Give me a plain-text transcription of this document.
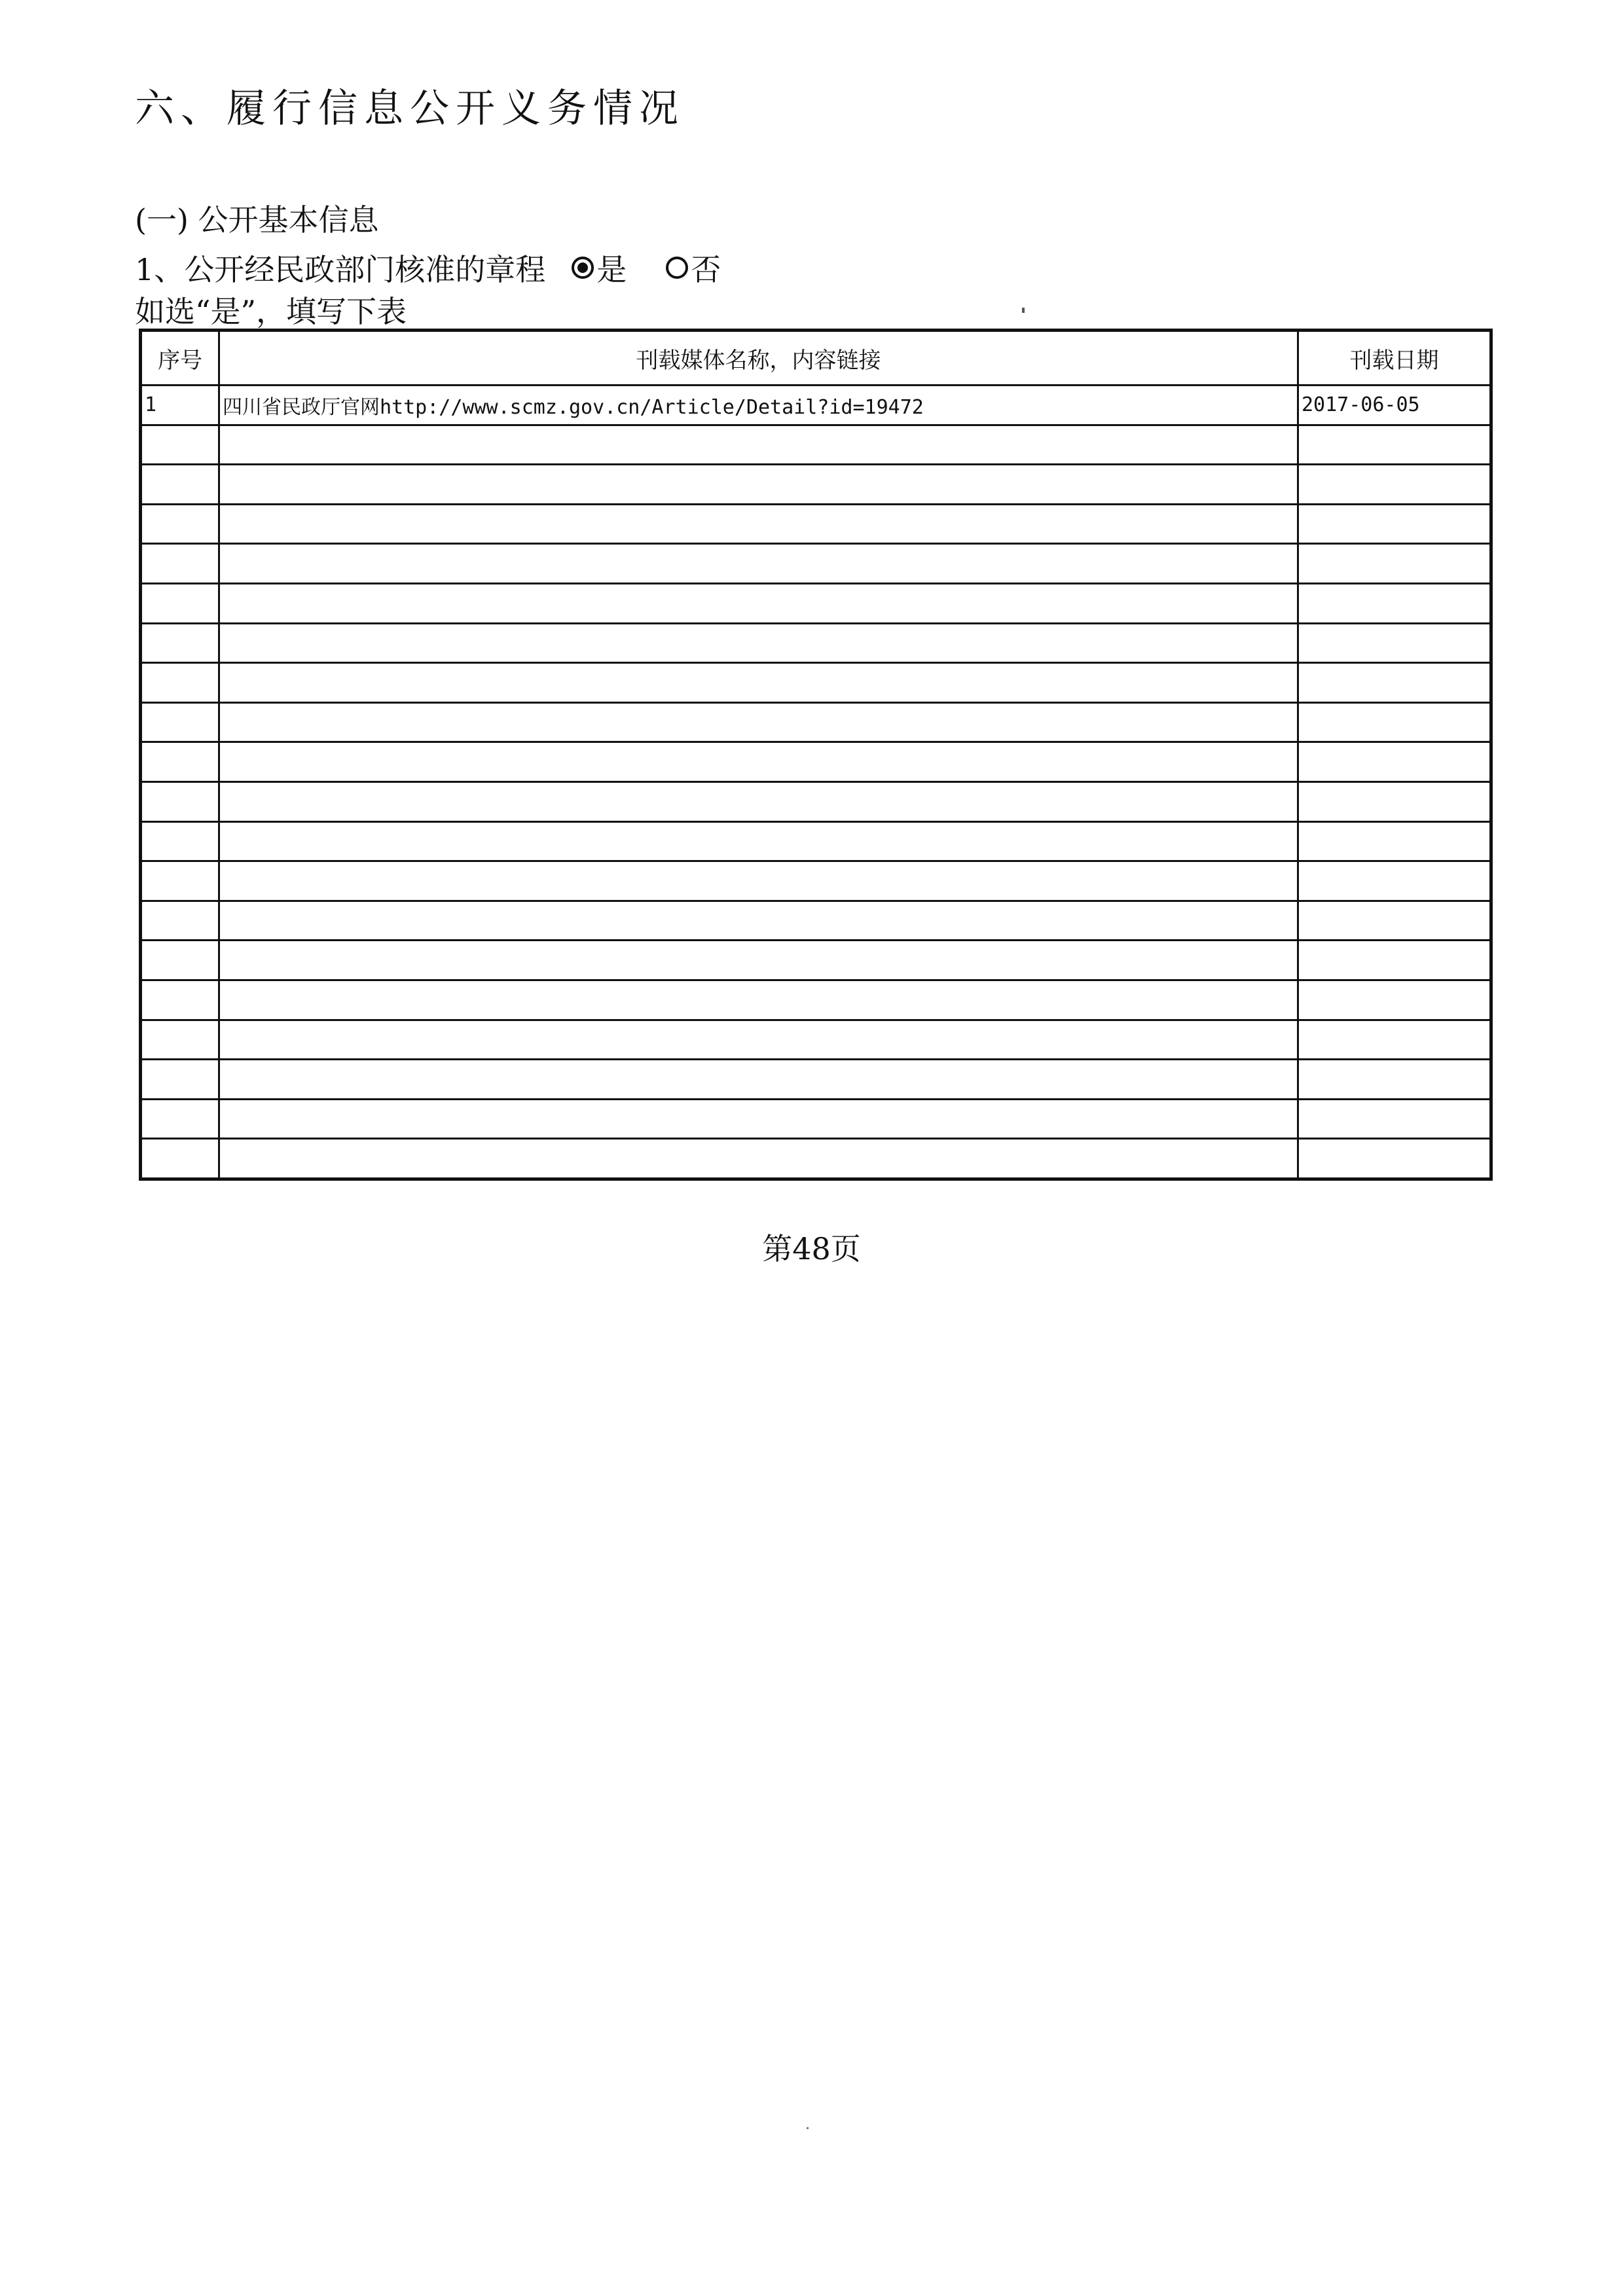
六、履行信息公开义务情况
(一) 公开基本信息
1、公开经民政部门核准的章程 是 否
如选“是”，填写下表
序号	刊载媒体名称，内容链接	刊载日期
1	四川省民政厅官网http://www.scmz.gov.cn/Article/Detail?id=19472	2017-06-05

第48页
